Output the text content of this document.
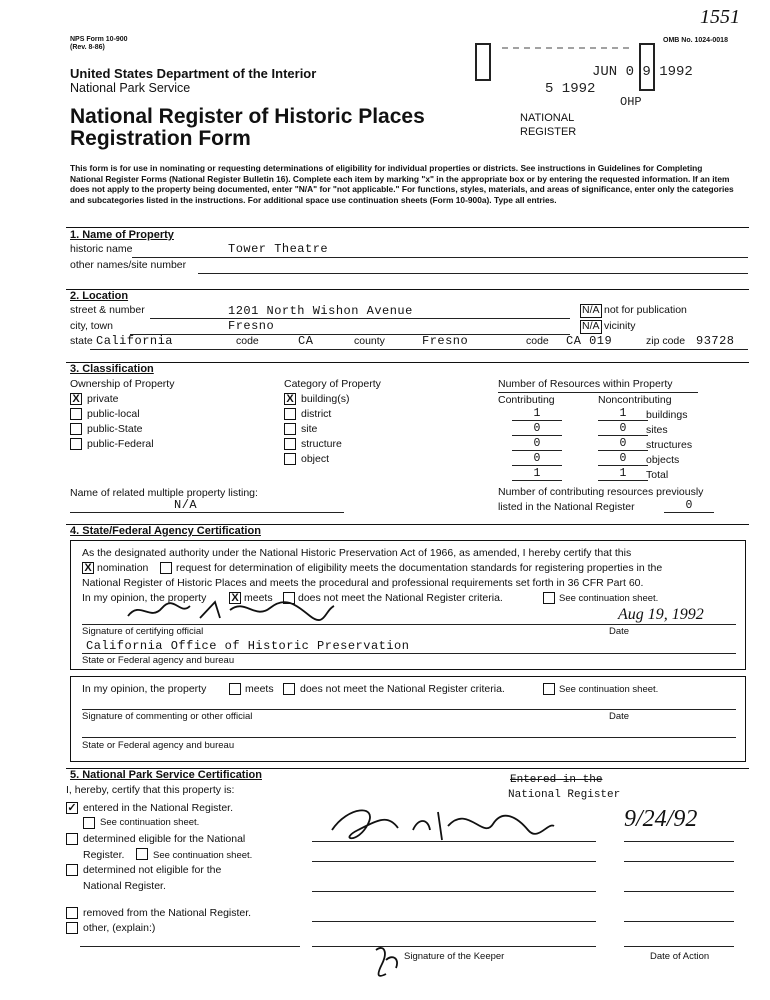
1551
NPS Form 10-900
(Rev. 8-86)
OMB No. 1024-0018
JUN 0 9 1992
5 1992
OHP
NATIONAL REGISTER
United States Department of the Interior
National Park Service
National Register of Historic Places
Registration Form
This form is for use in nominating or requesting determinations of eligibility for individual properties or districts. See instructions in Guidelines for Completing National Register Forms (National Register Bulletin 16). Complete each item by marking "x" in the appropriate box or by entering the requested information. If an item does not apply to the property being documented, enter "N/A" for "not applicable." For functions, styles, materials, and areas of significance, enter only the categories and subcategories listed in the instructions. For additional space use continuation sheets (Form 10-900a). Type all entries.
1. Name of Property
historic name	Tower Theatre
other names/site number
2. Location
street & number	1201 North Wishon Avenue	N/A not for publication
city, town	Fresno	N/A vicinity
state California	code	CA	county	Fresno	code CA 019	zip code 93728
3. Classification
Ownership of Property	Category of Property	Number of Resources within Property
Contributing	Noncontributing
X private
public-local
public-State
public-Federal
X building(s)
district
site
structure
object
1	1	buildings
0	0	sites
0	0	structures
0	0	objects
1	1	Total
Name of related multiple property listing:
N/A
Number of contributing resources previously
listed in the National Register	0
4. State/Federal Agency Certification
As the designated authority under the National Historic Preservation Act of 1966, as amended, I hereby certify that this
X nomination	request for determination of eligibility meets the documentation standards for registering properties in the
National Register of Historic Places and meets the procedural and professional requirements set forth in 36 CFR Part 60.
In my opinion, the property X meets does not meet the National Register criteria.	See continuation sheet.
Aug 19, 1992
Signature of certifying official	Date
California Office of Historic Preservation
State or Federal agency and bureau
In my opinion, the property	meets	does not meet the National Register criteria.	See continuation sheet.
Signature of commenting or other official	Date
State or Federal agency and bureau
5. National Park Service Certification
I, hereby, certify that this property is:
Entered in the
National Register
✓ entered in the National Register.
See continuation sheet.
determined eligible for the National
Register.	See continuation sheet.
determined not eligible for the
National Register.
removed from the National Register.
other, (explain:)
9/24/92
Signature of the Keeper	Date of Action
